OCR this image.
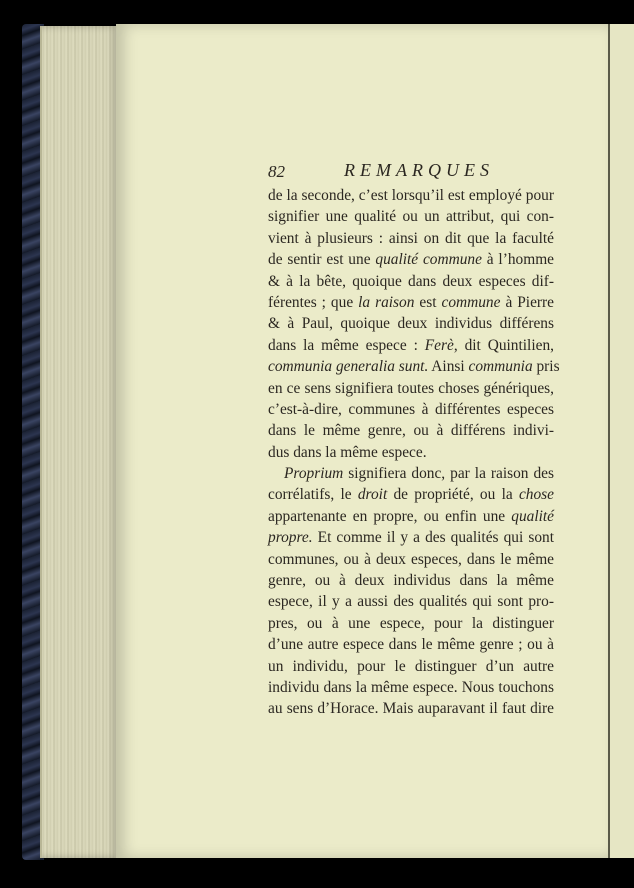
82	REMARQUES
de la seconde, c’est lorsqu’il est employé pour
signifier une qualité ou un attribut, qui con-
vient à plusieurs : ainsi on dit que la faculté
de sentir est une qualité commune à l’homme
& à la bête, quoique dans deux especes dif-
férentes ; que la raison est commune à Pierre
& à Paul, quoique deux individus différens
dans la même espece : Ferè, dit Quintilien,
communia generalia sunt. Ainsi communia pris
en ce sens signifiera toutes choses génériques,
c’est-à-dire, communes à différentes especes
dans le même genre, ou à différens indivi-
dus dans la même espece.
Proprium signifiera donc, par la raison des
corrélatifs, le droit de propriété, ou la chose
appartenante en propre, ou enfin une qualité
propre. Et comme il y a des qualités qui sont
communes, ou à deux especes, dans le même
genre, ou à deux individus dans la même
espece, il y a aussi des qualités qui sont pro-
pres, ou à une espece, pour la distinguer
d’une autre espece dans le même genre ; ou à
un individu, pour le distinguer d’un autre
individu dans la même espece. Nous touchons
au sens d’Horace. Mais auparavant il faut dire
